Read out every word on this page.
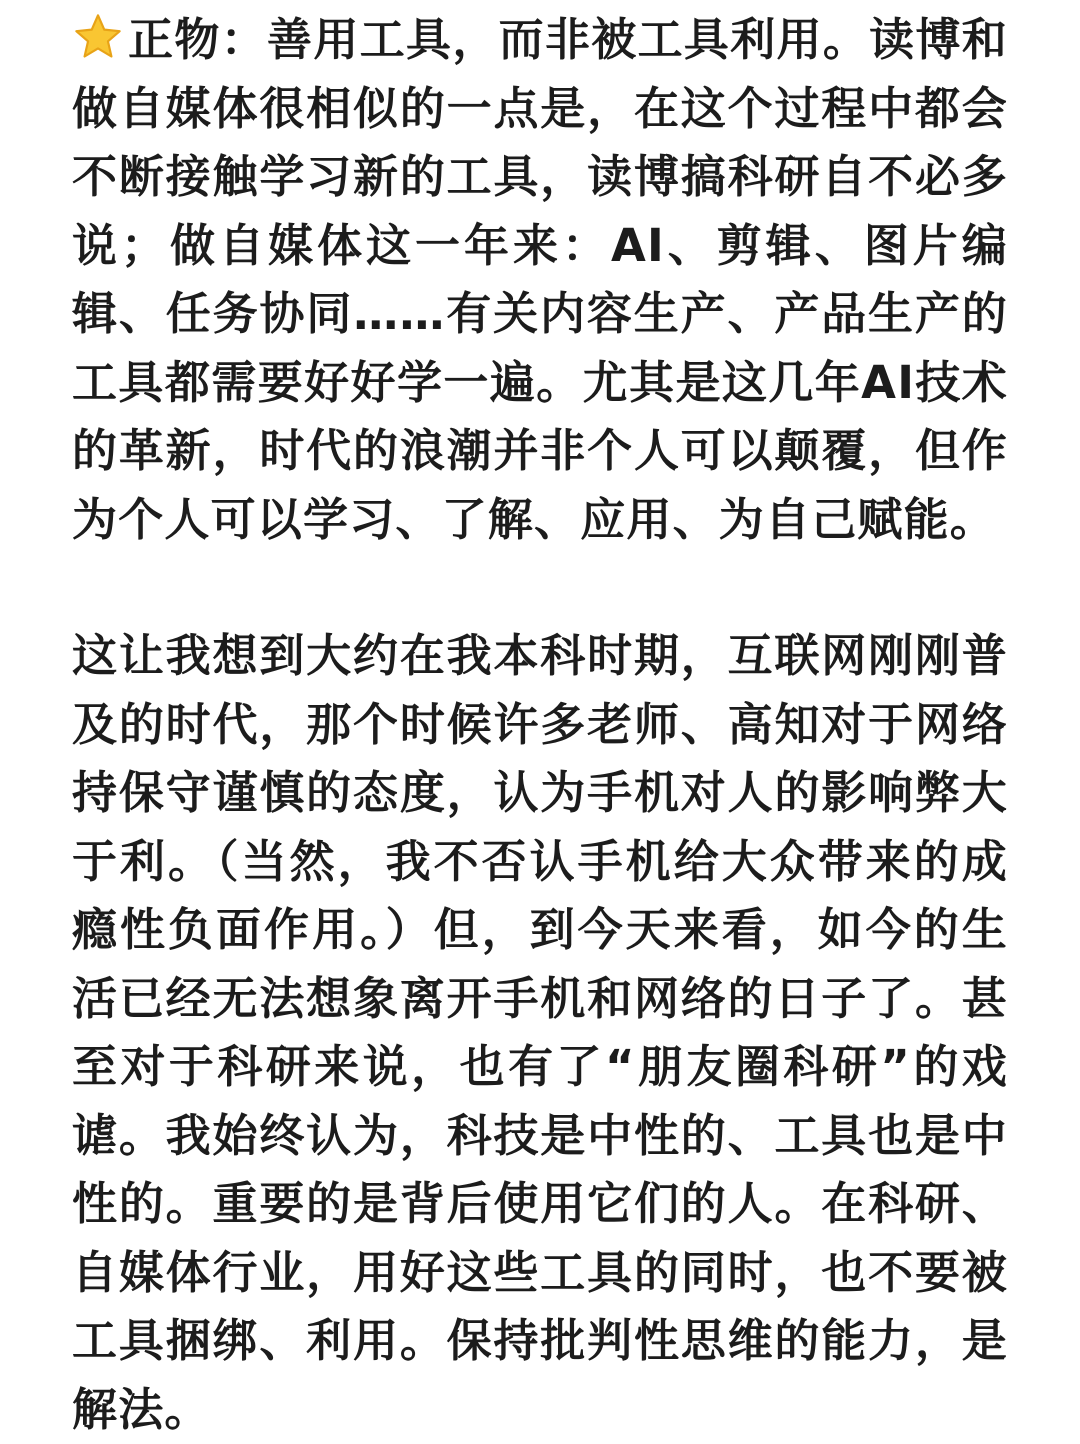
正物：善用工具，而非被工具利用。读博和做自媒体很相似的一点是，在这个过程中都会不断接触学习新的工具，读博搞科研自不必多说；做自媒体这一年来：AI、剪辑、图片编辑、任务协同……有关内容生产、产品生产的工具都需要好好学一遍。尤其是这几年AI技术的革新，时代的浪潮并非个人可以颠覆，但作为个人可以学习、了解、应用、为自己赋能。

这让我想到大约在我本科时期，互联网刚刚普及的时代，那个时候许多老师、高知对于网络持保守谨慎的态度，认为手机对人的影响弊大于利。（当然，我不否认手机给大众带来的成瘾性负面作用。）但，到今天来看，如今的生活已经无法想象离开手机和网络的日子了。甚至对于科研来说，也有了“朋友圈科研”的戏谑。我始终认为，科技是中性的、工具也是中性的。重要的是背后使用它们的人。在科研、自媒体行业，用好这些工具的同时，也不要被工具捆绑、利用。保持批判性思维的能力，是解法。
